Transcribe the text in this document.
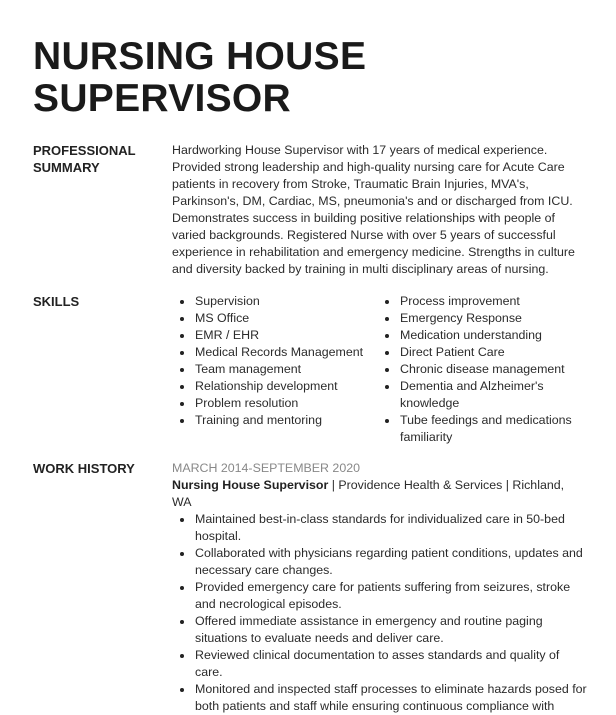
NURSING HOUSE
SUPERVISOR
PROFESSIONAL
SUMMARY
Hardworking House Supervisor with 17 years of medical experience. Provided strong leadership and high-quality nursing care for Acute Care patients in recovery from Stroke, Traumatic Brain Injuries, MVA's, Parkinson's, DM, Cardiac, MS, pneumonia's and or discharged from ICU. Demonstrates success in building positive relationships with people of varied backgrounds. Registered Nurse with over 5 years of successful experience in rehabilitation and emergency medicine. Strengths in culture and diversity backed by training in multi disciplinary areas of nursing.
SKILLS	Supervision
MS Office
EMR / EHR
Medical Records Management
Team management
Relationship development
Problem resolution
Training and mentoring
Process improvement
Emergency Response
Medication understanding
Direct Patient Care
Chronic disease management
Dementia and Alzheimer's knowledge
Tube feedings and medications familiarity
WORK HISTORY	MARCH 2014-SEPTEMBER 2020
Nursing House Supervisor | Providence Health & Services | Richland, WA
Maintained best-in-class standards for individualized care in 50-bed hospital.
Collaborated with physicians regarding patient conditions, updates and necessary care changes.
Provided emergency care for patients suffering from seizures, stroke and necrological episodes.
Offered immediate assistance in emergency and routine paging situations to evaluate needs and deliver care.
Reviewed clinical documentation to asses standards and quality of care.
Monitored and inspected staff processes to eliminate hazards posed for both patients and staff while ensuring continuous compliance with
